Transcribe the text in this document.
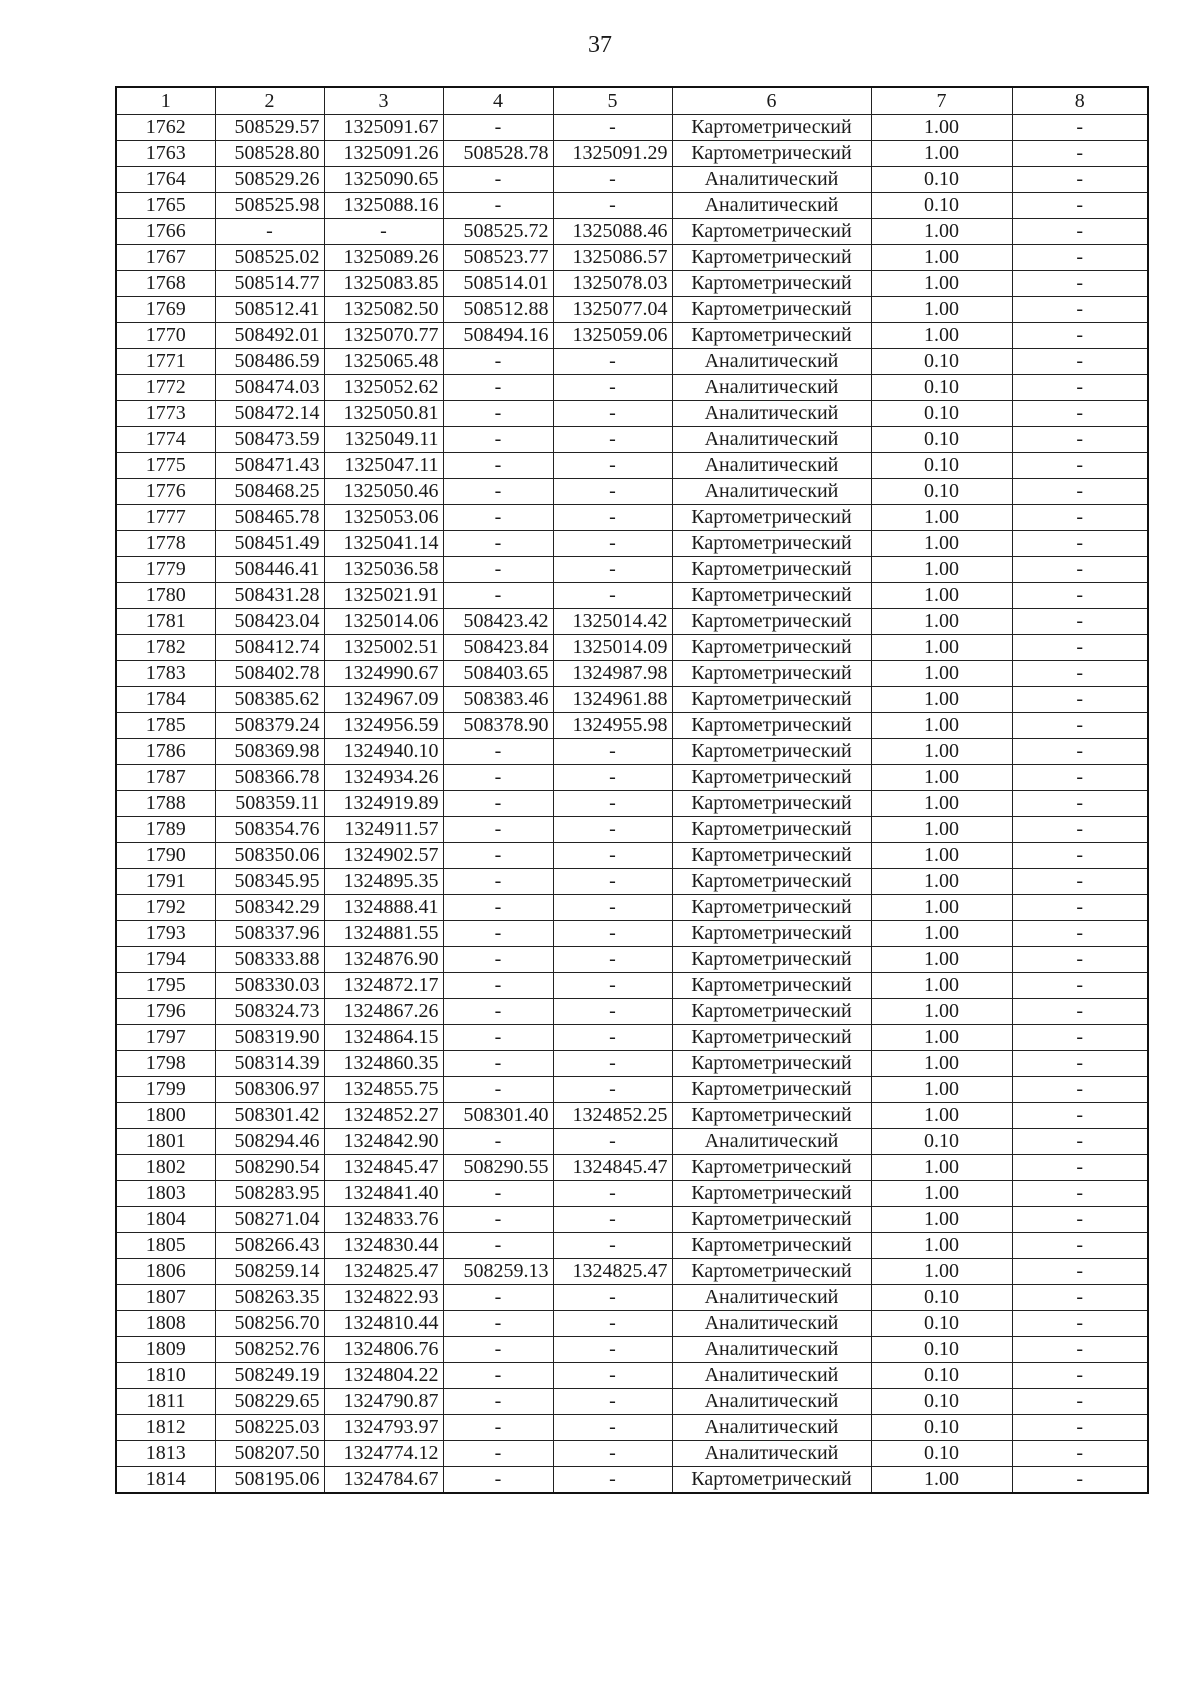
37
1	2	3	4	5	6	7	8
1762	508529.57	1325091.67	-	-	Картометрический	1.00	-
1763	508528.80	1325091.26	508528.78	1325091.29	Картометрический	1.00	-
1764	508529.26	1325090.65	-	-	Аналитический	0.10	-
1765	508525.98	1325088.16	-	-	Аналитический	0.10	-
1766	-	-	508525.72	1325088.46	Картометрический	1.00	-
1767	508525.02	1325089.26	508523.77	1325086.57	Картометрический	1.00	-
1768	508514.77	1325083.85	508514.01	1325078.03	Картометрический	1.00	-
1769	508512.41	1325082.50	508512.88	1325077.04	Картометрический	1.00	-
1770	508492.01	1325070.77	508494.16	1325059.06	Картометрический	1.00	-
1771	508486.59	1325065.48	-	-	Аналитический	0.10	-
1772	508474.03	1325052.62	-	-	Аналитический	0.10	-
1773	508472.14	1325050.81	-	-	Аналитический	0.10	-
1774	508473.59	1325049.11	-	-	Аналитический	0.10	-
1775	508471.43	1325047.11	-	-	Аналитический	0.10	-
1776	508468.25	1325050.46	-	-	Аналитический	0.10	-
1777	508465.78	1325053.06	-	-	Картометрический	1.00	-
1778	508451.49	1325041.14	-	-	Картометрический	1.00	-
1779	508446.41	1325036.58	-	-	Картометрический	1.00	-
1780	508431.28	1325021.91	-	-	Картометрический	1.00	-
1781	508423.04	1325014.06	508423.42	1325014.42	Картометрический	1.00	-
1782	508412.74	1325002.51	508423.84	1325014.09	Картометрический	1.00	-
1783	508402.78	1324990.67	508403.65	1324987.98	Картометрический	1.00	-
1784	508385.62	1324967.09	508383.46	1324961.88	Картометрический	1.00	-
1785	508379.24	1324956.59	508378.90	1324955.98	Картометрический	1.00	-
1786	508369.98	1324940.10	-	-	Картометрический	1.00	-
1787	508366.78	1324934.26	-	-	Картометрический	1.00	-
1788	508359.11	1324919.89	-	-	Картометрический	1.00	-
1789	508354.76	1324911.57	-	-	Картометрический	1.00	-
1790	508350.06	1324902.57	-	-	Картометрический	1.00	-
1791	508345.95	1324895.35	-	-	Картометрический	1.00	-
1792	508342.29	1324888.41	-	-	Картометрический	1.00	-
1793	508337.96	1324881.55	-	-	Картометрический	1.00	-
1794	508333.88	1324876.90	-	-	Картометрический	1.00	-
1795	508330.03	1324872.17	-	-	Картометрический	1.00	-
1796	508324.73	1324867.26	-	-	Картометрический	1.00	-
1797	508319.90	1324864.15	-	-	Картометрический	1.00	-
1798	508314.39	1324860.35	-	-	Картометрический	1.00	-
1799	508306.97	1324855.75	-	-	Картометрический	1.00	-
1800	508301.42	1324852.27	508301.40	1324852.25	Картометрический	1.00	-
1801	508294.46	1324842.90	-	-	Аналитический	0.10	-
1802	508290.54	1324845.47	508290.55	1324845.47	Картометрический	1.00	-
1803	508283.95	1324841.40	-	-	Картометрический	1.00	-
1804	508271.04	1324833.76	-	-	Картометрический	1.00	-
1805	508266.43	1324830.44	-	-	Картометрический	1.00	-
1806	508259.14	1324825.47	508259.13	1324825.47	Картометрический	1.00	-
1807	508263.35	1324822.93	-	-	Аналитический	0.10	-
1808	508256.70	1324810.44	-	-	Аналитический	0.10	-
1809	508252.76	1324806.76	-	-	Аналитический	0.10	-
1810	508249.19	1324804.22	-	-	Аналитический	0.10	-
1811	508229.65	1324790.87	-	-	Аналитический	0.10	-
1812	508225.03	1324793.97	-	-	Аналитический	0.10	-
1813	508207.50	1324774.12	-	-	Аналитический	0.10	-
1814	508195.06	1324784.67	-	-	Картометрический	1.00	-
